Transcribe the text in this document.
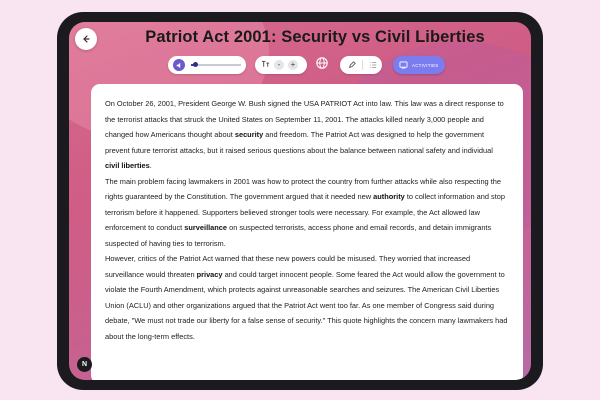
Patriot Act 2001: Security vs Civil Liberties
-	+	ACTIVITIES

On October 26, 2001, President George W. Bush signed the USA PATRIOT Act into law. This law was a direct response to the terrorist attacks that struck the United States on September 11, 2001. The attacks killed nearly 3,000 people and changed how Americans thought about security and freedom. The Patriot Act was designed to help the government prevent future terrorist attacks, but it raised serious questions about the balance between national safety and individual civil liberties.

The main problem facing lawmakers in 2001 was how to protect the country from further attacks while also respecting the rights guaranteed by the Constitution. The government argued that it needed new authority to collect information and stop terrorism before it happened. Supporters believed stronger tools were necessary. For example, the Act allowed law enforcement to conduct surveillance on suspected terrorists, access phone and email records, and detain immigrants suspected of having ties to terrorism.

However, critics of the Patriot Act warned that these new powers could be misused. They worried that increased surveillance would threaten privacy and could target innocent people. Some feared the Act would allow the government to violate the Fourth Amendment, which protects against unreasonable searches and seizures. The American Civil Liberties Union (ACLU) and other organizations argued that the Patriot Act went too far. As one member of Congress said during debate, "We must not trade our liberty for a false sense of security." This quote highlights the concern many lawmakers had about the long-term effects.

N
